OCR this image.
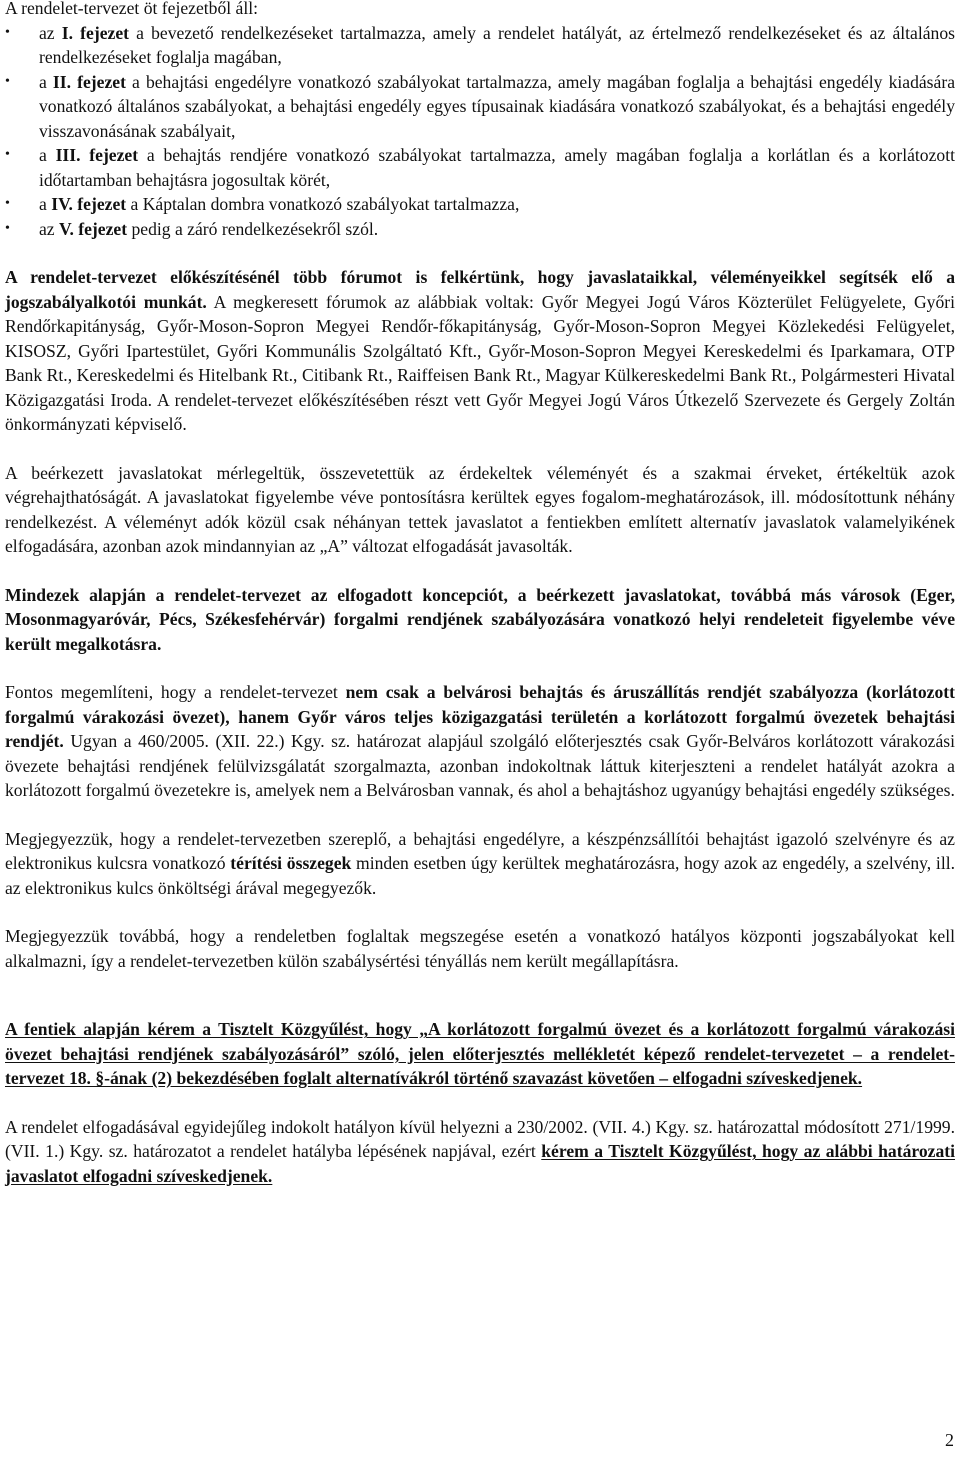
A rendelet-tervezet öt fejezetből áll:

• az I. fejezet a bevezető rendelkezéseket tartalmazza, amely a rendelet hatályát, az értelmező rendelkezéseket és az általános rendelkezéseket foglalja magában,
• a II. fejezet a behajtási engedélyre vonatkozó szabályokat tartalmazza, amely magában foglalja a behajtási engedély kiadására vonatkozó általános szabályokat, a behajtási engedély egyes típusainak kiadására vonatkozó szabályokat, és a behajtási engedély visszavonásának szabályait,
• a III. fejezet a behajtás rendjére vonatkozó szabályokat tartalmazza, amely magában foglalja a korlátlan és a korlátozott időtartamban behajtásra jogosultak körét,
• a IV. fejezet a Káptalan dombra vonatkozó szabályokat tartalmazza,
• az V. fejezet pedig a záró rendelkezésekről szól.

A rendelet-tervezet előkészítésénél több fórumot is felkértünk, hogy javaslataikkal, véleményeikkel segítsék elő a jogszabályalkotói munkát. A megkeresett fórumok az alábbiak voltak: Győr Megyei Jogú Város Közterület Felügyelete, Győri Rendőrkapitányság, Győr-Moson-Sopron Megyei Rendőr-főkapitányság, Győr-Moson-Sopron Megyei Közlekedési Felügyelet, KISOSZ, Győri Ipartestület, Győri Kommunális Szolgáltató Kft., Győr-Moson-Sopron Megyei Kereskedelmi és Iparkamara, OTP Bank Rt., Kereskedelmi és Hitelbank Rt., Citibank Rt., Raiffeisen Bank Rt., Magyar Külkereskedelmi Bank Rt., Polgármesteri Hivatal Közigazgatási Iroda. A rendelet-tervezet előkészítésében részt vett Győr Megyei Jogú Város Útkezelő Szervezete és Gergely Zoltán önkormányzati képviselő.

A beérkezett javaslatokat mérlegeltük, összevetettük az érdekeltek véleményét és a szakmai érveket, értékeltük azok végrehajthatóságát. A javaslatokat figyelembe véve pontosításra kerültek egyes fogalom-meghatározások, ill. módosítottunk néhány rendelkezést. A véleményt adók közül csak néhányan tettek javaslatot a fentiekben említett alternatív javaslatok valamelyikének elfogadására, azonban azok mindannyian az „A” változat elfogadását javasolták.

Mindezek alapján a rendelet-tervezet az elfogadott koncepciót, a beérkezett javaslatokat, továbbá más városok (Eger, Mosonmagyaróvár, Pécs, Székesfehérvár) forgalmi rendjének szabályozására vonatkozó helyi rendeleteit figyelembe véve került megalkotásra.

Fontos megemlíteni, hogy a rendelet-tervezet nem csak a belvárosi behajtás és áruszállítás rendjét szabályozza (korlátozott forgalmú várakozási övezet), hanem Győr város teljes közigazgatási területén a korlátozott forgalmú övezetek behajtási rendjét. Ugyan a 460/2005. (XII. 22.) Kgy. sz. határozat alapjául szolgáló előterjesztés csak Győr-Belváros korlátozott várakozási övezete behajtási rendjének felülvizsgálatát szorgalmazta, azonban indokoltnak láttuk kiterjeszteni a rendelet hatályát azokra a korlátozott forgalmú övezetekre is, amelyek nem a Belvárosban vannak, és ahol a behajtáshoz ugyanúgy behajtási engedély szükséges.

Megjegyezzük, hogy a rendelet-tervezetben szereplő, a behajtási engedélyre, a készpénzsállítói behajtást igazoló szelvényre és az elektronikus kulcsra vonatkozó térítési összegek minden esetben úgy kerültek meghatározásra, hogy azok az engedély, a szelvény, ill. az elektronikus kulcs önköltségi árával megegyezők.

Megjegyezzük továbbá, hogy a rendeletben foglaltak megszegése esetén a vonatkozó hatályos központi jogszabályokat kell alkalmazni, így a rendelet-tervezetben külön szabálysértési tényállás nem került megállapításra.

A fentiek alapján kérem a Tisztelt Közgyűlést, hogy „A korlátozott forgalmú övezet és a korlátozott forgalmú várakozási övezet behajtási rendjének szabályozásáról” szóló, jelen előterjesztés mellékletét képező rendelet-tervezetet – a rendelet-tervezet 18. §-ának (2) bekezdésében foglalt alternatívákról történő szavazást követően – elfogadni szíveskedjenek.

A rendelet elfogadásával egyidejűleg indokolt hatályon kívül helyezni a 230/2002. (VII. 4.) Kgy. sz. határozattal módosított 271/1999. (VII. 1.) Kgy. sz. határozatot a rendelet hatályba lépésének napjával, ezért kérem a Tisztelt Közgyűlést, hogy az alábbi határozati javaslatot elfogadni szíveskedjenek.

2
